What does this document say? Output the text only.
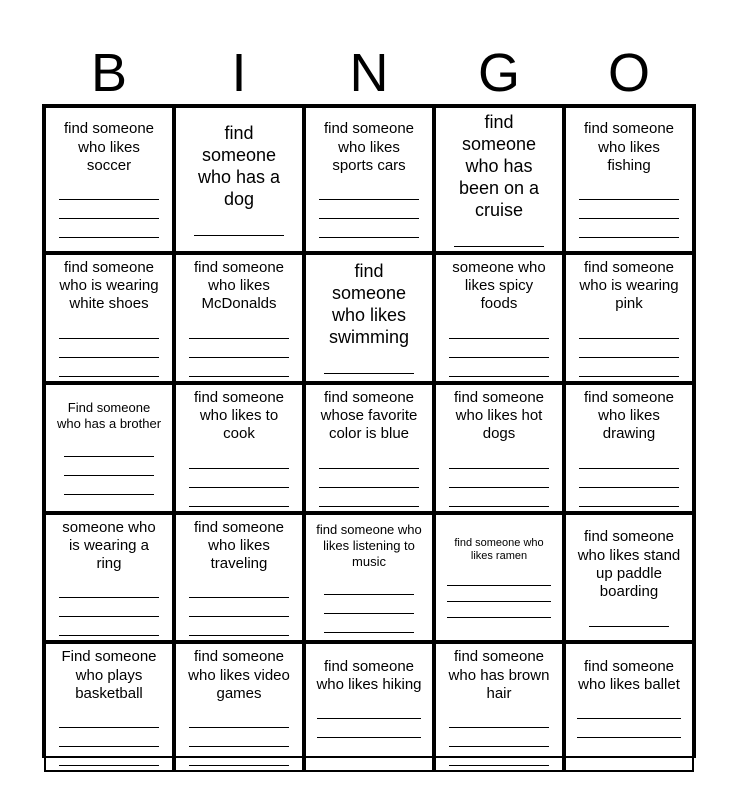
B	I	N	G	O
find someone who likes soccer
find someone who has a dog
find someone who likes sports cars
find someone who has been on a cruise
find someone who likes fishing
find someone who is wearing white shoes
find someone who likes McDonalds
find someone who likes swimming
someone who likes spicy foods
find someone who is wearing pink
Find someone who has a brother
find someone who likes to cook
find someone whose favorite color is blue
find someone who likes hot dogs
find someone who likes drawing
someone who is wearing a ring
find someone who likes traveling
find someone who likes listening to music
find someone who likes ramen
find someone who likes stand up paddle boarding
Find someone who plays basketball
find someone who likes video games
find someone who likes hiking
find someone who has brown hair
find someone who likes ballet
